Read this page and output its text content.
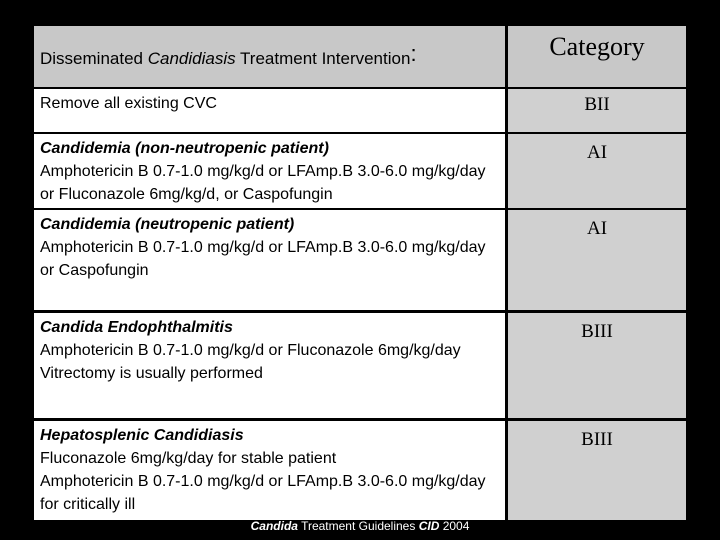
Disseminated Candidiasis Treatment Intervention:	Category
Remove all existing CVC	BII
Candidemia (non-neutropenic patient)
Amphotericin B 0.7-1.0 mg/kg/d or LFAmp.B 3.0-6.0 mg/kg/day or Fluconazole 6mg/kg/d, or Caspofungin
AI
Candidemia (neutropenic patient)
Amphotericin B 0.7-1.0 mg/kg/d or LFAmp.B 3.0-6.0 mg/kg/day or Caspofungin
AI
Candida Endophthalmitis
Amphotericin B 0.7-1.0 mg/kg/d or Fluconazole 6mg/kg/day
Vitrectomy is usually performed
BIII
Hepatosplenic Candidiasis
Fluconazole 6mg/kg/day for stable patient
Amphotericin B 0.7-1.0 mg/kg/d or LFAmp.B 3.0-6.0 mg/kg/day for critically ill
BIII
Candida Treatment Guidelines CID 2004
